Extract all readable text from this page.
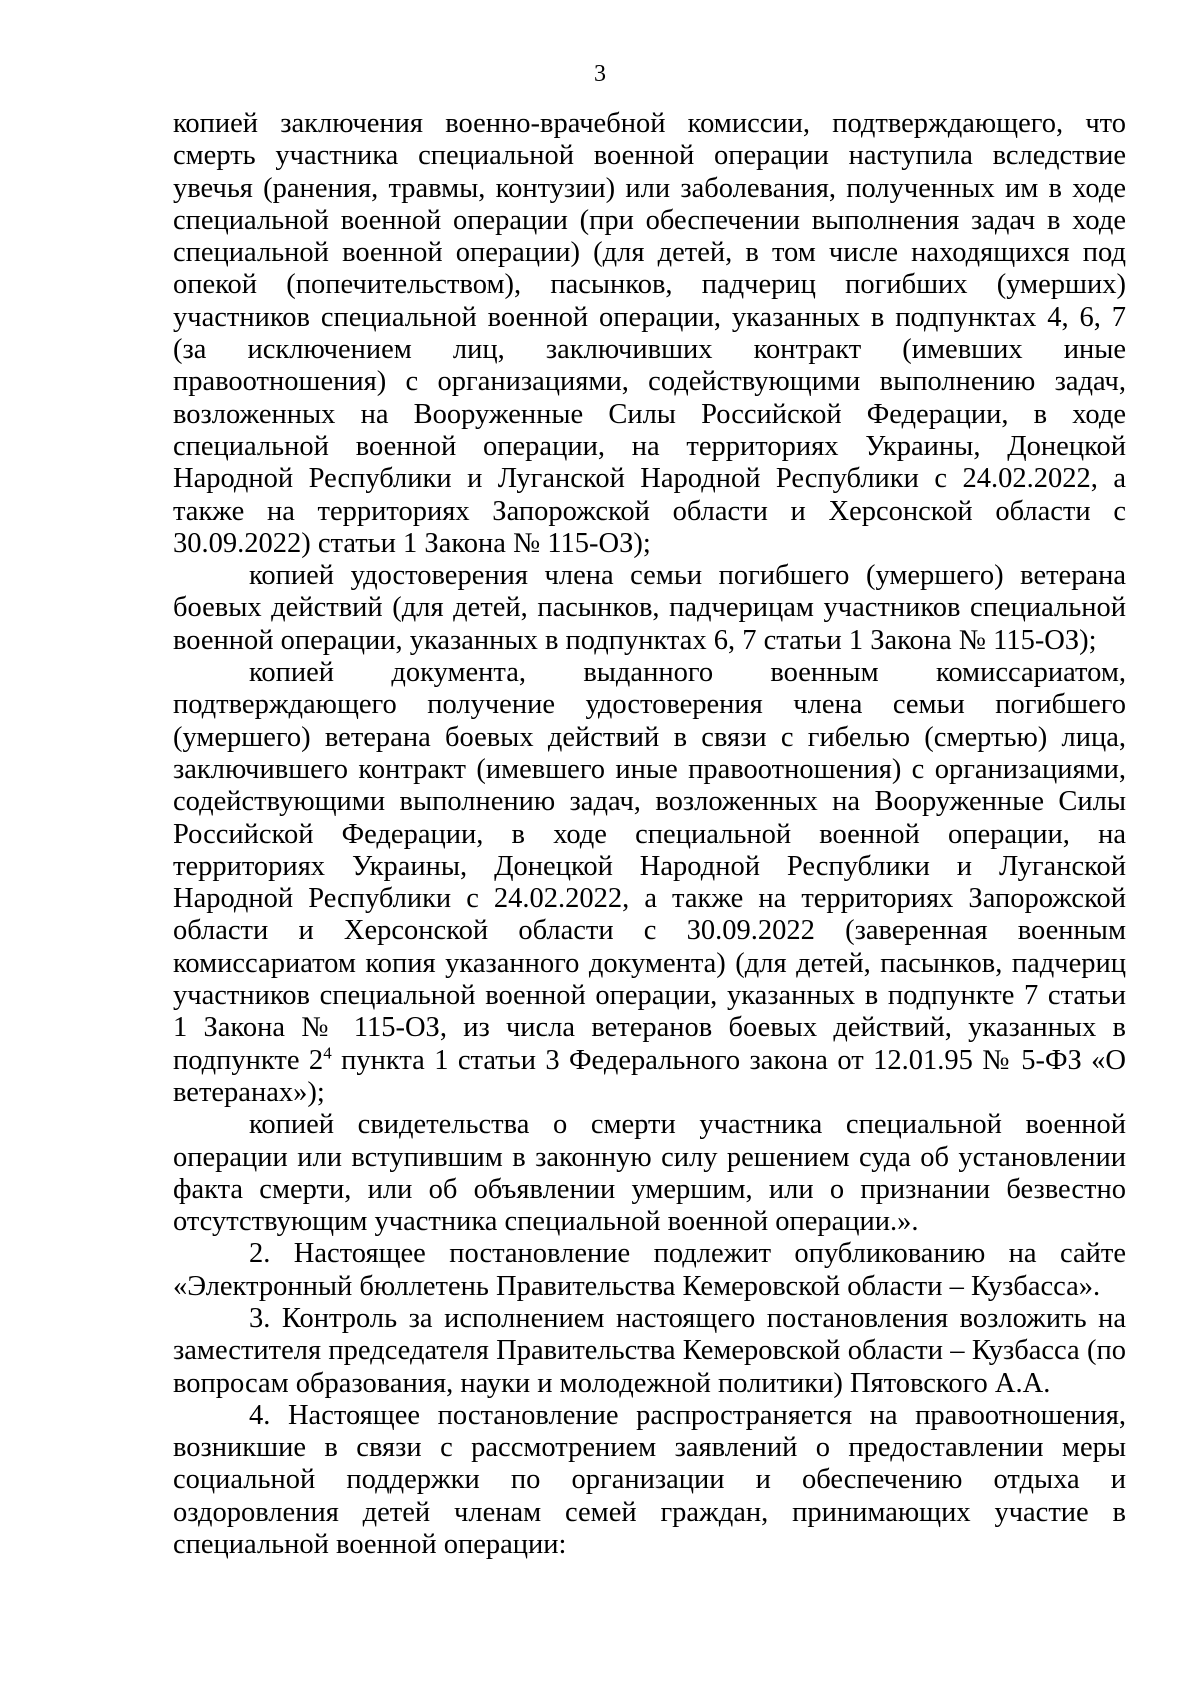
3

копией заключения военно-врачебной комиссии, подтверждающего, что смерть участника специальной военной операции наступила вследствие увечья (ранения, травмы, контузии) или заболевания, полученных им в ходе специальной военной операции (при обеспечении выполнения задач в ходе специальной военной операции) (для детей, в том числе находящихся под опекой (попечительством), пасынков, падчериц погибших (умерших) участников специальной военной операции, указанных в подпунктах 4, 6, 7 (за исключением лиц, заключивших контракт (имевших иные правоотношения) с организациями, содействующими выполнению задач, возложенных на Вооруженные Силы Российской Федерации, в ходе специальной военной операции, на территориях Украины, Донецкой Народной Республики и Луганской Народной Республики с 24.02.2022, а также на территориях Запорожской области и Херсонской области с 30.09.2022) статьи 1 Закона № 115-ОЗ);

копией удостоверения члена семьи погибшего (умершего) ветерана боевых действий (для детей, пасынков, падчерицам участников специальной военной операции, указанных в подпунктах 6, 7 статьи 1 Закона № 115-ОЗ);

копией документа, выданного военным комиссариатом, подтверждающего получение удостоверения члена семьи погибшего (умершего) ветерана боевых действий в связи с гибелью (смертью) лица, заключившего контракт (имевшего иные правоотношения) с организациями, содействующими выполнению задач, возложенных на Вооруженные Силы Российской Федерации, в ходе специальной военной операции, на территориях Украины, Донецкой Народной Республики и Луганской Народной Республики с 24.02.2022, а также на территориях Запорожской области и Херсонской области с 30.09.2022 (заверенная военным комиссариатом копия указанного документа) (для детей, пасынков, падчериц участников специальной военной операции, указанных в подпункте 7 статьи 1 Закона № 115-ОЗ, из числа ветеранов боевых действий, указанных в подпункте $2^4$ пункта 1 статьи 3 Федерального закона от 12.01.95 № 5-ФЗ «О ветеранах»);

копией свидетельства о смерти участника специальной военной операции или вступившим в законную силу решением суда об установлении факта смерти, или об объявлении умершим, или о признании безвестно отсутствующим участника специальной военной операции.».

2. Настоящее постановление подлежит опубликованию на сайте «Электронный бюллетень Правительства Кемеровской области – Кузбасса».

3. Контроль за исполнением настоящего постановления возложить на заместителя председателя Правительства Кемеровской области – Кузбасса (по вопросам образования, науки и молодежной политики) Пятовского А.А.

4. Настоящее постановление распространяется на правоотношения, возникшие в связи с рассмотрением заявлений о предоставлении меры социальной поддержки по организации и обеспечению отдыха и оздоровления детей членам семей граждан, принимающих участие в специальной военной операции:
